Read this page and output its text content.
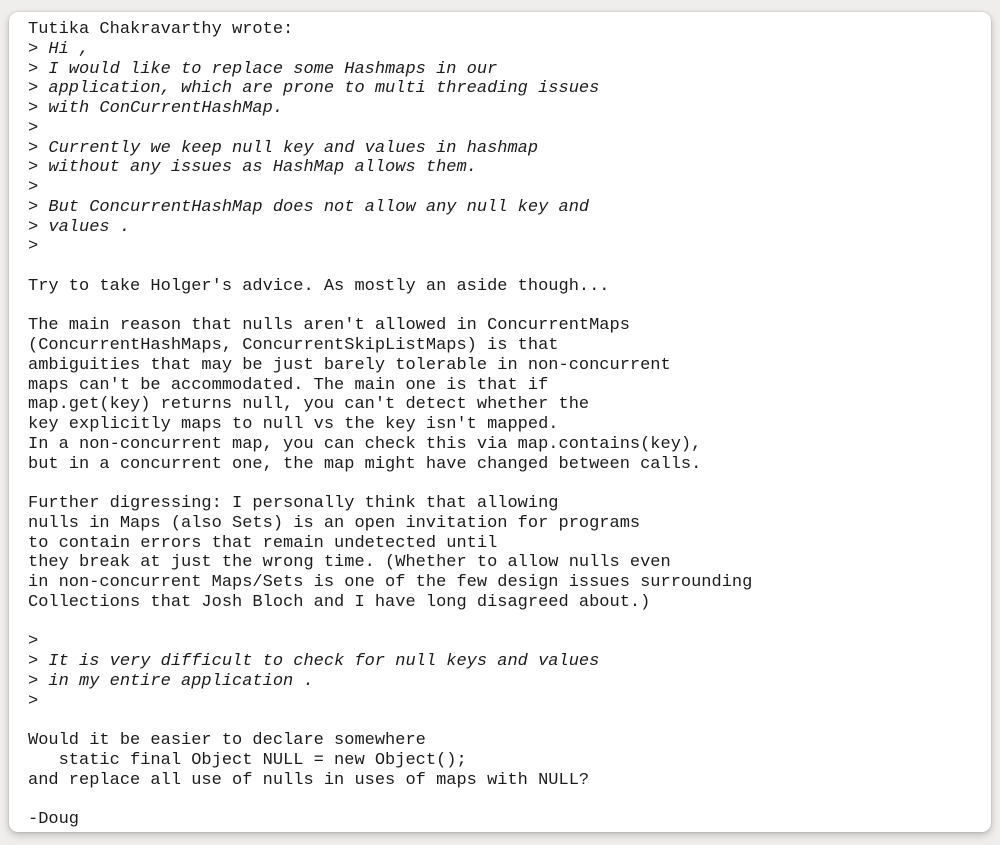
Tutika Chakravarthy wrote:
> Hi ,
> I would like to replace some Hashmaps in our
> application, which are prone to multi threading issues
> with ConCurrentHashMap.
>
> Currently we keep null key and values in hashmap
> without any issues as HashMap allows them.
>
> But ConcurrentHashMap does not allow any null key and
> values .
>
Try to take Holger's advice. As mostly an aside though...
The main reason that nulls aren't allowed in ConcurrentMaps
(ConcurrentHashMaps, ConcurrentSkipListMaps) is that
ambiguities that may be just barely tolerable in non-concurrent
maps can't be accommodated. The main one is that if
map.get(key) returns null, you can't detect whether the
key explicitly maps to null vs the key isn't mapped.
In a non-concurrent map, you can check this via map.contains(key),
but in a concurrent one, the map might have changed between calls.
Further digressing: I personally think that allowing
nulls in Maps (also Sets) is an open invitation for programs
to contain errors that remain undetected until
they break at just the wrong time. (Whether to allow nulls even
in non-concurrent Maps/Sets is one of the few design issues surrounding
Collections that Josh Bloch and I have long disagreed about.)
>
> It is very difficult to check for null keys and values
> in my entire application .
>
Would it be easier to declare somewhere
static final Object NULL = new Object();
and replace all use of nulls in uses of maps with NULL?
-Doug
